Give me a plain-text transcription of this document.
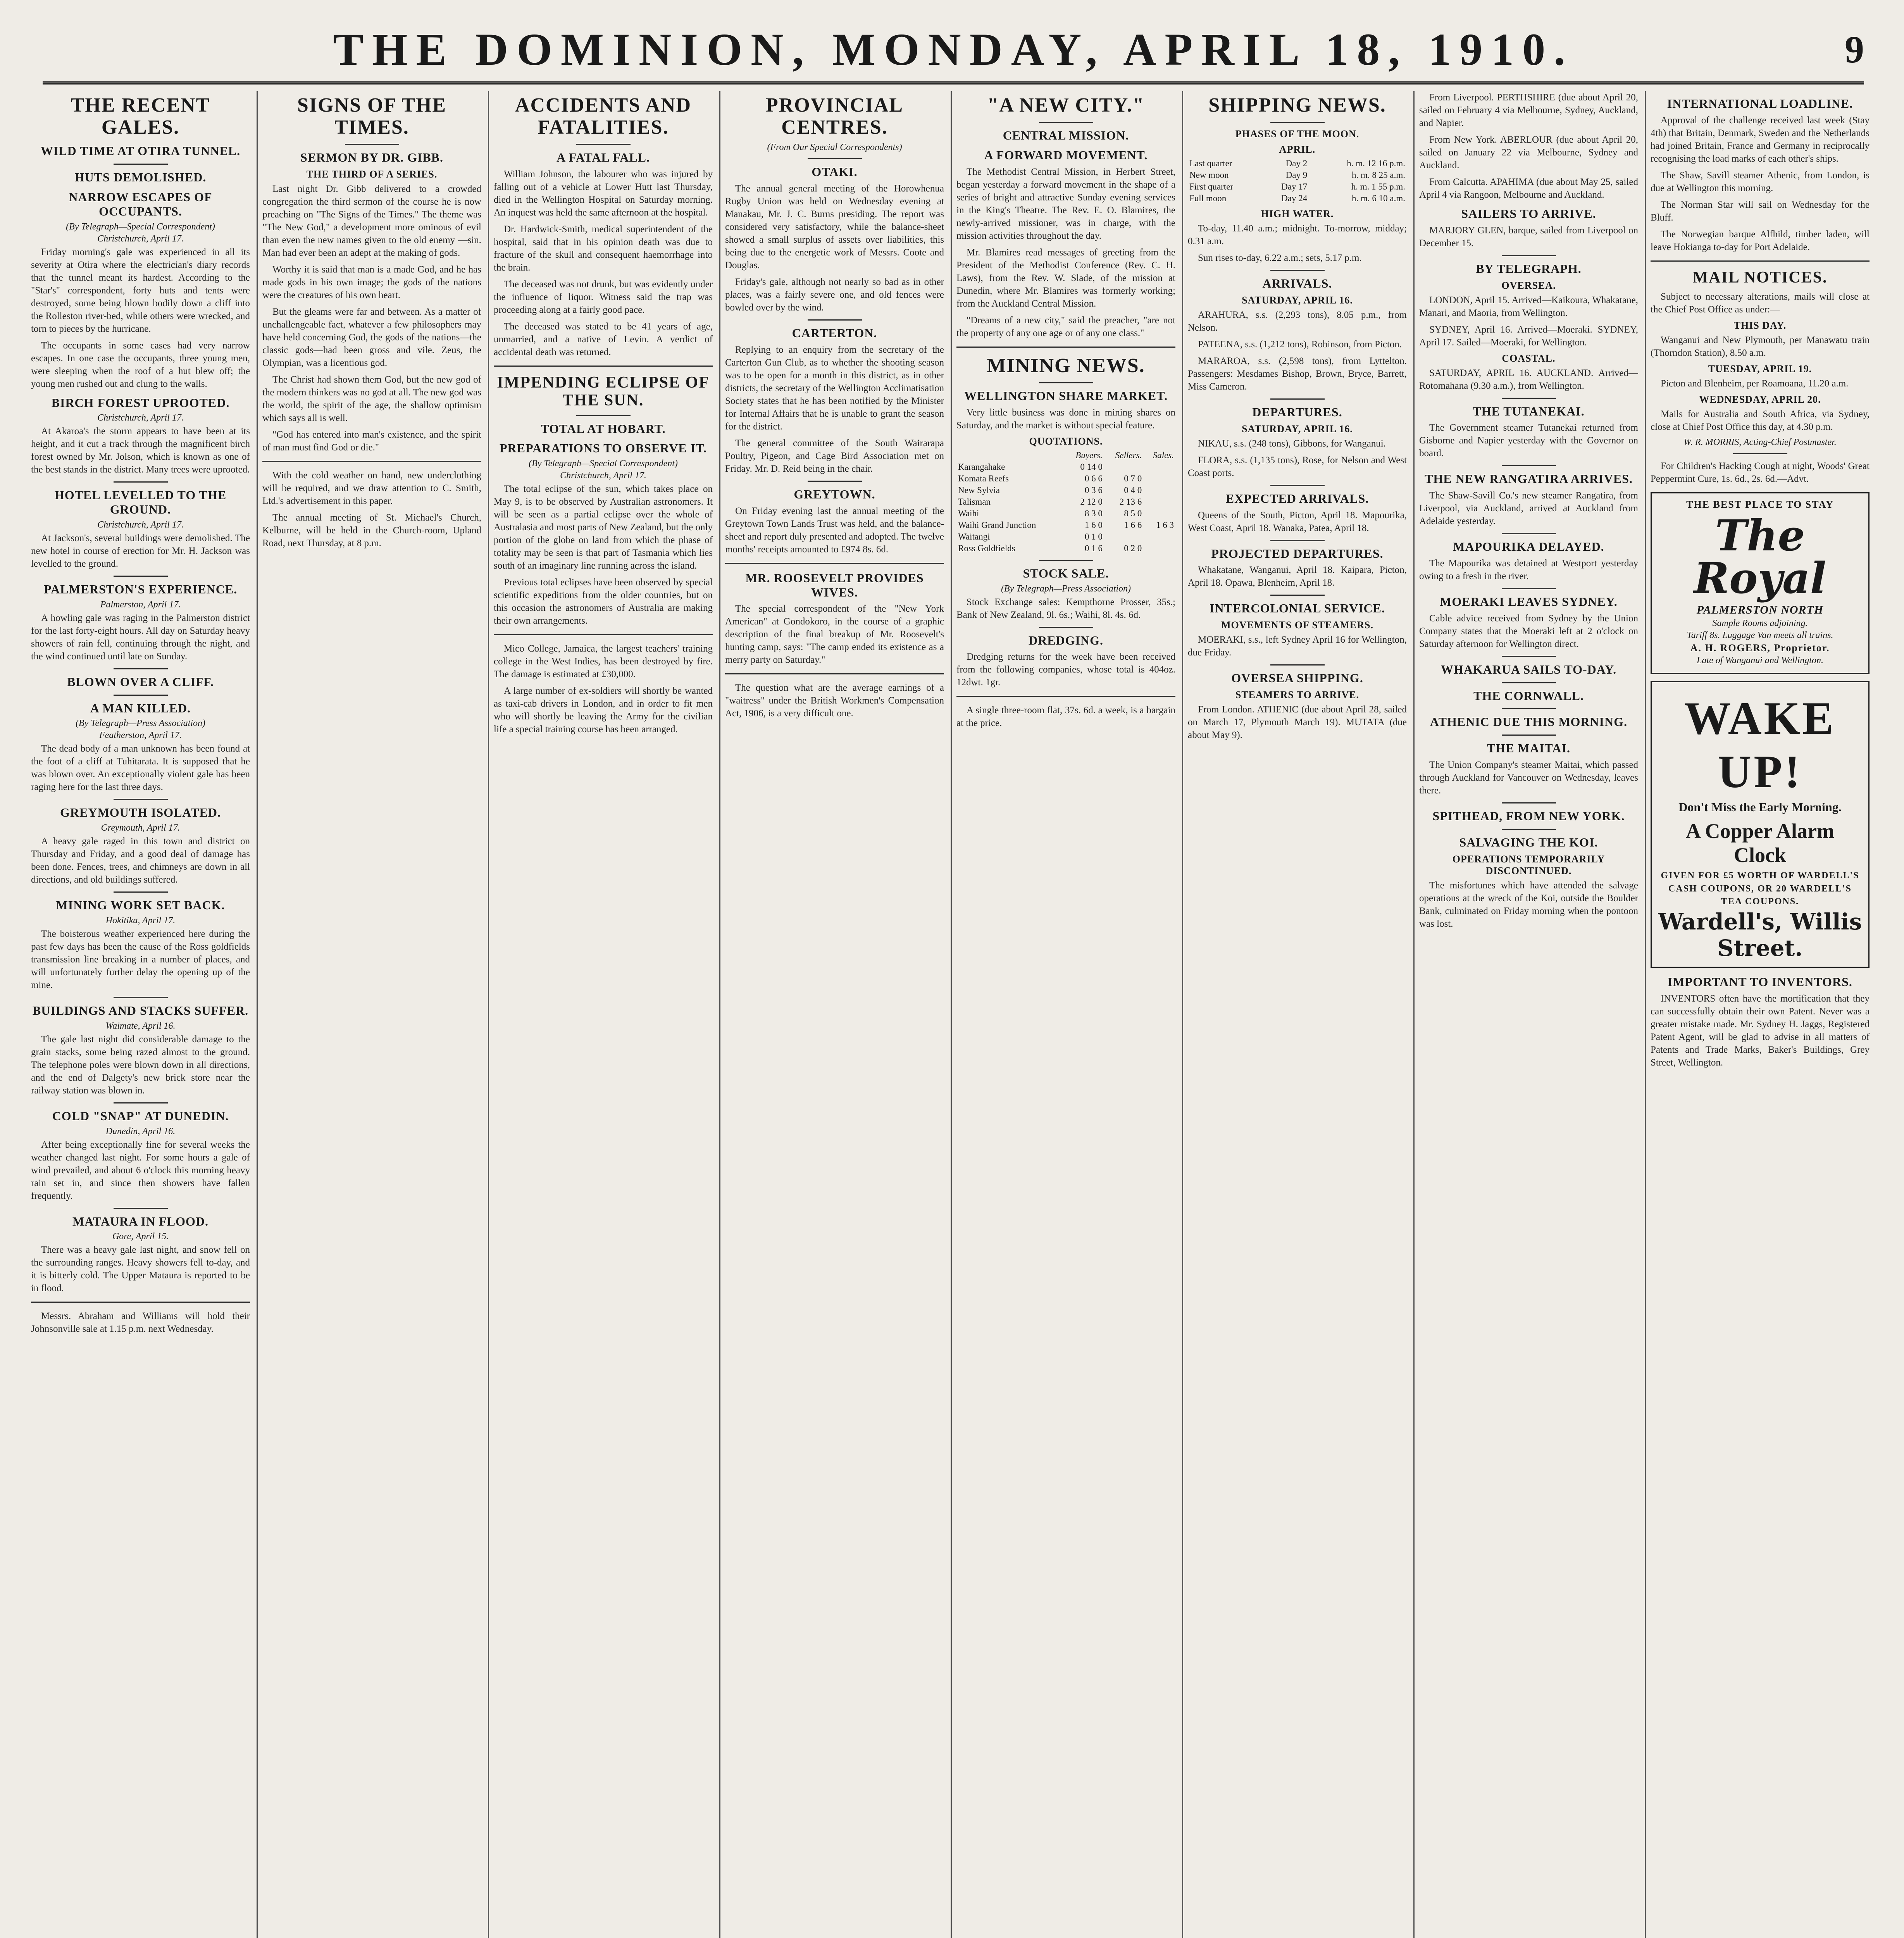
THE DOMINION, MONDAY, APRIL 18, 1910.	9
THE RECENT GALES.
WILD TIME AT OTIRA TUNNEL.
HUTS DEMOLISHED.
NARROW ESCAPES OF OCCUPANTS.
(By Telegraph—Special Correspondent)
Christchurch, April 17.

Friday morning's gale was experienced in all its severity at Otira where the electrician's diary records that the tunnel meant its hardest. According to the "Star's" correspondent, forty huts and tents were destroyed, some being blown bodily down a cliff into the Rolleston river-bed, while others were wrecked, and torn to pieces by the hurricane.

The occupants in some cases had very narrow escapes. In one case the occupants, three young men, were sleeping when the roof of a hut blew off; the young men rushed out and clung to the walls.

BIRCH FOREST UPROOTED.
Christchurch, April 17.

At Akaroa's the storm appears to have been at its height, and it cut a track through the magnificent birch forest owned by Mr. Jolson, which is known as one of the best stands in the district. Many trees were uprooted.

HOTEL LEVELLED TO THE GROUND.
Christchurch, April 17.

At Jackson's, several buildings were demolished. The new hotel in course of erection for Mr. H. Jackson was levelled to the ground.

PALMERSTON'S EXPERIENCE.
Palmerston, April 17.

A howling gale was raging in the Palmerston district for the last forty-eight hours. All day on Saturday heavy showers of rain fell, continuing through the night, and the wind continued until late on Sunday.

BLOWN OVER A CLIFF.
A MAN KILLED.
(By Telegraph—Press Association)
Featherston, April 17.

The dead body of a man unknown has been found at the foot of a cliff at Tuhitarata. It is supposed that he was blown over. An exceptionally violent gale has been raging here for the last three days.

GREYMOUTH ISOLATED.
Greymouth, April 17.

A heavy gale raged in this town and district on Thursday and Friday, and a good deal of damage has been done. Fences, trees, and chimneys are down in all directions, and old buildings suffered.

MINING WORK SET BACK.
Hokitika, April 17.

The boisterous weather experienced here during the past few days has been the cause of the Ross goldfields transmission line breaking in a number of places, and will unfortunately further delay the opening up of the mine.

BUILDINGS AND STACKS SUFFER.
Waimate, April 16.

The gale last night did considerable damage to the grain stacks, some being razed almost to the ground. The telephone poles were blown down in all directions, and the end of Dalgety's new brick store near the railway station was blown in.

COLD "SNAP" AT DUNEDIN.
Dunedin, April 16.

After being exceptionally fine for several weeks the weather changed last night. For some hours a gale of wind prevailed, and about 6 o'clock this morning heavy rain set in, and since then showers have fallen frequently.

MATAURA IN FLOOD.
Gore, April 15.

There was a heavy gale last night, and snow fell on the surrounding ranges. Heavy showers fell to-day, and it is bitterly cold. The Upper Mataura is reported to be in flood.

Messrs. Abraham and Williams will hold their Johnsonville sale at 1.15 p.m. next Wednesday.

SIGNS OF THE TIMES.
SERMON BY DR. GIBB.
THE THIRD OF A SERIES.

Last night Dr. Gibb delivered to a crowded congregation the third sermon of the course he is now preaching on "The Signs of the Times." The theme was "The New God," a development more ominous of evil than even the new names given to the old enemy —sin. Man had ever been an adept at the making of gods.

Worthy it is said that man is a made God, and he has made gods in his own image; the gods of the nations were the creatures of his own heart.

But the gleams were far and between. As a matter of unchallengeable fact, whatever a few philosophers may have held concerning God, the gods of the nations—the classic gods—had been gross and vile. Zeus, the Olympian, was a licentious god.

The Christ had shown them God, but the new god of the modern thinkers was no god at all. The new god was the world, the spirit of the age, the shallow optimism which says all is well.

"God has entered into man's existence, and the spirit of man must find God or die."

With the cold weather on hand, new underclothing will be required, and we draw attention to C. Smith, Ltd.'s advertisement in this paper.

The annual meeting of St. Michael's Church, Kelburne, will be held in the Church-room, Upland Road, next Thursday, at 8 p.m.

ACCIDENTS AND FATALITIES.
A FATAL FALL.

William Johnson, the labourer who was injured by falling out of a vehicle at Lower Hutt last Thursday, died in the Wellington Hospital on Saturday morning. An inquest was held the same afternoon at the hospital.

Dr. Hardwick-Smith, medical superintendent of the hospital, said that in his opinion death was due to fracture of the skull and consequent haemorrhage into the brain.

The deceased was not drunk, but was evidently under the influence of liquor. Witness said the trap was proceeding along at a fairly good pace.

The deceased was stated to be 41 years of age, unmarried, and a native of Levin. A verdict of accidental death was returned.

IMPENDING ECLIPSE OF THE SUN.
TOTAL AT HOBART.
PREPARATIONS TO OBSERVE IT.
(By Telegraph—Special Correspondent)
Christchurch, April 17.

The total eclipse of the sun, which takes place on May 9, is to be observed by Australian astronomers. It will be seen as a partial eclipse over the whole of Australasia and most parts of New Zealand, but the only portion of the globe on land from which the phase of totality may be seen is that part of Tasmania which lies south of an imaginary line running across the island.

Previous total eclipses have been observed by special scientific expeditions from the older countries, but on this occasion the astronomers of Australia are making their own arrangements.

Mico College, Jamaica, the largest teachers' training college in the West Indies, has been destroyed by fire. The damage is estimated at £30,000.

A large number of ex-soldiers will shortly be wanted as taxi-cab drivers in London, and in order to fit men who will shortly be leaving the Army for the civilian life a special training course has been arranged.

PROVINCIAL CENTRES.
(From Our Special Correspondents)
OTAKI.

The annual general meeting of the Horowhenua Rugby Union was held on Wednesday evening at Manakau, Mr. J. C. Burns presiding. The report was considered very satisfactory, while the balance-sheet showed a small surplus of assets over liabilities, this being due to the energetic work of Messrs. Coote and Douglas.

Friday's gale, although not nearly so bad as in other places, was a fairly severe one, and old fences were bowled over by the wind.

CARTERTON.

Replying to an enquiry from the secretary of the Carterton Gun Club, as to whether the shooting season was to be open for a month in this district, as in other districts, the secretary of the Wellington Acclimatisation Society states that he has been notified by the Minister for Internal Affairs that he is unable to grant the season for the district.

The general committee of the South Wairarapa Poultry, Pigeon, and Cage Bird Association met on Friday. Mr. D. Reid being in the chair.

GREYTOWN.

On Friday evening last the annual meeting of the Greytown Town Lands Trust was held, and the balance-sheet and report duly presented and adopted. The twelve months' receipts amounted to £974 8s. 6d.

MR. ROOSEVELT PROVIDES WIVES.

The special correspondent of the "New York American" at Gondokoro, in the course of a graphic description of the final breakup of Mr. Roosevelt's hunting camp, says: "The camp ended its existence as a merry party on Saturday."

The question what are the average earnings of a "waitress" under the British Workmen's Compensation Act, 1906, is a very difficult one.

"A NEW CITY."
CENTRAL MISSION.
A FORWARD MOVEMENT.

The Methodist Central Mission, in Herbert Street, began yesterday a forward movement in the shape of a series of bright and attractive Sunday evening services in the King's Theatre. The Rev. E. O. Blamires, the newly-arrived missioner, was in charge, with the mission activities throughout the day.

Mr. Blamires read messages of greeting from the President of the Methodist Conference (Rev. C. H. Laws), from the Rev. W. Slade, of the mission at Dunedin, where Mr. Blamires was formerly working; from the Auckland Central Mission.

"Dreams of a new city," said the preacher, "are not the property of any one age or of any one class."

MINING NEWS.
WELLINGTON SHARE MARKET.

Very little business was done in mining shares on Saturday, and the market is without special feature.

QUOTATIONS.
	Buyers.	Sellers.	Sales.
Karangahake	0 14 0		
Komata Reefs	0 6 6	0 7 0	
New Sylvia	0 3 6	0 4 0	
Talisman	2 12 0	2 13 6	
Waihi	8 3 0	8 5 0	
Waihi Grand Junction	1 6 0	1 6 6	1 6 3
Waitangi	0 1 0		
Ross Goldfields	0 1 6	0 2 0	
STOCK SALE.
(By Telegraph—Press Association)

Stock Exchange sales: Kempthorne Prosser, 35s.; Bank of New Zealand, 9l. 6s.; Waihi, 8l. 4s. 6d.

DREDGING.

Dredging returns for the week have been received from the following companies, whose total is 404oz. 12dwt. 1gr.

A single three-room flat, 37s. 6d. a week, is a bargain at the price.

SHIPPING NEWS.
PHASES OF THE MOON.
APRIL.
Last quarter	Day 2	h. m. 12 16 p.m.
New moon	Day 9	h. m. 8 25 a.m.
First quarter	Day 17	h. m. 1 55 p.m.
Full moon	Day 24	h. m. 6 10 a.m.
HIGH WATER.

To-day, 11.40 a.m.; midnight. To-morrow, midday; 0.31 a.m.

Sun rises to-day, 6.22 a.m.; sets, 5.17 p.m.

ARRIVALS.
SATURDAY, APRIL 16.

ARAHURA, s.s. (2,293 tons), 8.05 p.m., from Nelson.

PATEENA, s.s. (1,212 tons), Robinson, from Picton.

MARAROA, s.s. (2,598 tons), from Lyttelton. Passengers: Mesdames Bishop, Brown, Bryce, Barrett, Miss Cameron.

DEPARTURES.
SATURDAY, APRIL 16.

NIKAU, s.s. (248 tons), Gibbons, for Wanganui.

FLORA, s.s. (1,135 tons), Rose, for Nelson and West Coast ports.

EXPECTED ARRIVALS.

Queens of the South, Picton, April 18. Mapourika, West Coast, April 18. Wanaka, Patea, April 18.

PROJECTED DEPARTURES.

Whakatane, Wanganui, April 18. Kaipara, Picton, April 18. Opawa, Blenheim, April 18.

INTERCOLONIAL SERVICE.
MOVEMENTS OF STEAMERS.

MOERAKI, s.s., left Sydney April 16 for Wellington, due Friday.

OVERSEA SHIPPING.
STEAMERS TO ARRIVE.

From London. ATHENIC (due about April 28, sailed on March 17, Plymouth March 19). MUTATA (due about May 9).

From Liverpool. PERTHSHIRE (due about April 20, sailed on February 4 via Melbourne, Sydney, Auckland, and Napier.

From New York. ABERLOUR (due about April 20, sailed on January 22 via Melbourne, Sydney and Auckland.

From Calcutta. APAHIMA (due about May 25, sailed April 4 via Rangoon, Melbourne and Auckland.

SAILERS TO ARRIVE.

MARJORY GLEN, barque, sailed from Liverpool on December 15.

BY TELEGRAPH.
OVERSEA.

LONDON, April 15. Arrived—Kaikoura, Whakatane, Manari, and Maoria, from Wellington.

SYDNEY, April 16. Arrived—Moeraki. SYDNEY, April 17. Sailed—Moeraki, for Wellington.

COASTAL.

SATURDAY, APRIL 16. AUCKLAND. Arrived—Rotomahana (9.30 a.m.), from Wellington.

THE TUTANEKAI.

The Government steamer Tutanekai returned from Gisborne and Napier yesterday with the Governor on board.

THE NEW RANGATIRA ARRIVES.

The Shaw-Savill Co.'s new steamer Rangatira, from Liverpool, via Auckland, arrived at Auckland from Adelaide yesterday.

MAPOURIKA DELAYED.

The Mapourika was detained at Westport yesterday owing to a fresh in the river.

MOERAKI LEAVES SYDNEY.

Cable advice received from Sydney by the Union Company states that the Moeraki left at 2 o'clock on Saturday afternoon for Wellington direct.

WHAKARUA SAILS TO-DAY.
THE CORNWALL.
ATHENIC DUE THIS MORNING.
THE MAITAI.

The Union Company's steamer Maitai, which passed through Auckland for Vancouver on Wednesday, leaves there.

SPITHEAD, FROM NEW YORK.
SALVAGING THE KOI.
OPERATIONS TEMPORARILY DISCONTINUED.

The misfortunes which have attended the salvage operations at the wreck of the Koi, outside the Boulder Bank, culminated on Friday morning when the pontoon was lost.

INTERNATIONAL LOADLINE.

Approval of the challenge received last week (Stay 4th) that Britain, Denmark, Sweden and the Netherlands had joined Britain, France and Germany in reciprocally recognising the load marks of each other's ships.

The Shaw, Savill steamer Athenic, from London, is due at Wellington this morning.

The Norman Star will sail on Wednesday for the Bluff.

The Norwegian barque Alfhild, timber laden, will leave Hokianga to-day for Port Adelaide.

MAIL NOTICES.

Subject to necessary alterations, mails will close at the Chief Post Office as under:—

THIS DAY.

Wanganui and New Plymouth, per Manawatu train (Thorndon Station), 8.50 a.m.

TUESDAY, APRIL 19.

Picton and Blenheim, per Roamoana, 11.20 a.m.

WEDNESDAY, APRIL 20.

Mails for Australia and South Africa, via Sydney, close at Chief Post Office this day, at 4.30 p.m.

W. R. MORRIS, Acting-Chief Postmaster.

For Children's Hacking Cough at night, Woods' Great Peppermint Cure, 1s. 6d., 2s. 6d.—Advt.

THE BEST PLACE TO STAY
The Royal
PALMERSTON NORTH
Sample Rooms adjoining.
Tariff 8s. Luggage Van meets all trains.
A. H. ROGERS, Proprietor.
Late of Wanganui and Wellington.
WAKE UP!
Don't Miss the Early Morning.
A Copper Alarm Clock
GIVEN FOR £5 WORTH OF WARDELL'S CASH COUPONS, OR 20 WARDELL'S TEA COUPONS.
Wardell's, Willis Street.
IMPORTANT TO INVENTORS.

INVENTORS often have the mortification that they can successfully obtain their own Patent. Never was a greater mistake made. Mr. Sydney H. Jaggs, Registered Patent Agent, will be glad to advise in all matters of Patents and Trade Marks, Baker's Buildings, Grey Street, Wellington.
